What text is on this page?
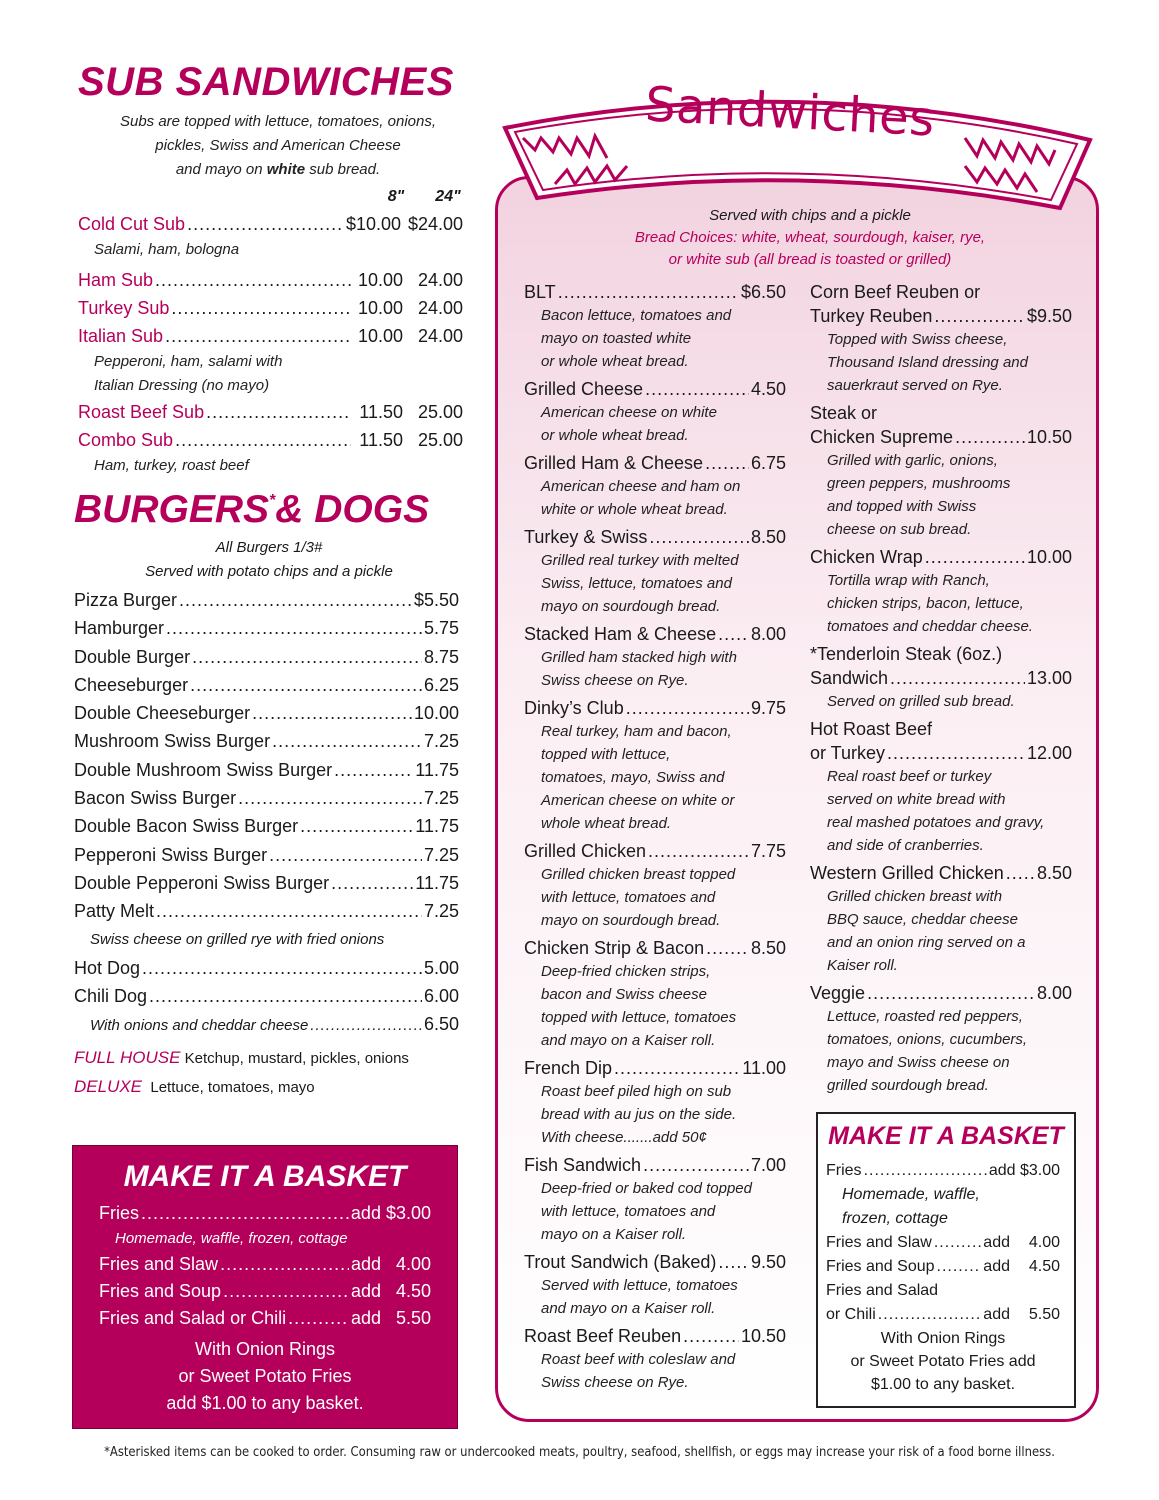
SUB SANDWICHES
Subs are topped with lettuce, tomatoes, onions,
pickles, Swiss and American Cheese
and mayo on white sub bread.
8" 24"
Cold Cut Sub .....	$10.00 $24.00
Salami, ham, bologna
Ham Sub .....	10.00 24.00
Turkey Sub .....	10.00 24.00
Italian Sub .....	10.00 24.00
Pepperoni, ham, salami with
Italian Dressing (no mayo)
Roast Beef Sub .....	11.50 25.00
Combo Sub .....	11.50 25.00
Ham, turkey, roast beef
BURGERS*& DOGS
All Burgers 1/3#
Served with potato chips and a pickle
Pizza Burger .....	$5.50
Hamburger .....	5.75
Double Burger .....	8.75
Cheeseburger .....	6.25
Double Cheeseburger .....	10.00
Mushroom Swiss Burger .....	7.25
Double Mushroom Swiss Burger .....	11.75
Bacon Swiss Burger .....	7.25
Double Bacon Swiss Burger .....	11.75
Pepperoni Swiss Burger .....	7.25
Double Pepperoni Swiss Burger .....	11.75
Patty Melt .....	7.25
Swiss cheese on grilled rye with fried onions
Hot Dog .....	5.00
Chili Dog .....	6.00
With onions and cheddar cheese .....	6.50
FULL HOUSE Ketchup, mustard, pickles, onions
DELUXE Lettuce, tomatoes, mayo
MAKE IT A BASKET
Fries .....	add $3.00
Homemade, waffle, frozen, cottage
Fries and Slaw .....	add 4.00
Fries and Soup .....	add 4.50
Fries and Salad or Chili .....	add 5.50
With Onion Rings
or Sweet Potato Fries
add $1.00 to any basket.
Sandwiches
Served with chips and a pickle
Bread Choices: white, wheat, sourdough, kaiser, rye,
or white sub (all bread is toasted or grilled)
BLT .....	$6.50
Bacon lettuce, tomatoes and
mayo on toasted white
or whole wheat bread.
Grilled Cheese .....	4.50
American cheese on white
or whole wheat bread.
Grilled Ham & Cheese .....	6.75
American cheese and ham on
white or whole wheat bread.
Turkey & Swiss .....	8.50
Grilled real turkey with melted
Swiss, lettuce, tomatoes and
mayo on sourdough bread.
Stacked Ham & Cheese ..... 8.00
Grilled ham stacked high with
Swiss cheese on Rye.
Dinky’s Club .....	9.75
Real turkey, ham and bacon,
topped with lettuce,
tomatoes, mayo, Swiss and
American cheese on white or
whole wheat bread.
Grilled Chicken .....	7.75
Grilled chicken breast topped
with lettuce, tomatoes and
mayo on sourdough bread.
Chicken Strip & Bacon .....	8.50
Deep-fried chicken strips,
bacon and Swiss cheese
topped with lettuce, tomatoes
and mayo on a Kaiser roll.
French Dip .....	11.00
Roast beef piled high on sub
bread with au jus on the side.
With cheese.......add 50¢
Fish Sandwich .....	7.00
Deep-fried or baked cod topped
with lettuce, tomatoes and
mayo on a Kaiser roll.
Trout Sandwich (Baked) ..... 9.50
Served with lettuce, tomatoes
and mayo on a Kaiser roll.
Roast Beef Reuben .....	10.50
Roast beef with coleslaw and
Swiss cheese on Rye.
Corn Beef Reuben or
Turkey Reuben .....	$9.50
Topped with Swiss cheese,
Thousand Island dressing and
sauerkraut served on Rye.
Steak or
Chicken Supreme .....	10.50
Grilled with garlic, onions,
green peppers, mushrooms
and topped with Swiss
cheese on sub bread.
Chicken Wrap .....	10.00
Tortilla wrap with Ranch,
chicken strips, bacon, lettuce,
tomatoes and cheddar cheese.
*Tenderloin Steak (6oz.)
Sandwich .....	13.00
Served on grilled sub bread.
Hot Roast Beef
or Turkey .....	12.00
Real roast beef or turkey
served on white bread with
real mashed potatoes and gravy,
and side of cranberries.
Western Grilled Chicken ..... 8.50
Grilled chicken breast with
BBQ sauce, cheddar cheese
and an onion ring served on a
Kaiser roll.
Veggie .....	8.00
Lettuce, roasted red peppers,
tomatoes, onions, cucumbers,
mayo and Swiss cheese on
grilled sourdough bread.
MAKE IT A BASKET
Fries .....	add $3.00
Homemade, waffle,
frozen, cottage
Fries and Slaw .....	add 4.00
Fries and Soup .....	add 4.50
Fries and Salad
or Chili .....	add 5.50
With Onion Rings
or Sweet Potato Fries add
$1.00 to any basket.
*Asterisked items can be cooked to order. Consuming raw or undercooked meats, poultry, seafood, shellfish, or eggs may increase your risk of a food borne illness.
